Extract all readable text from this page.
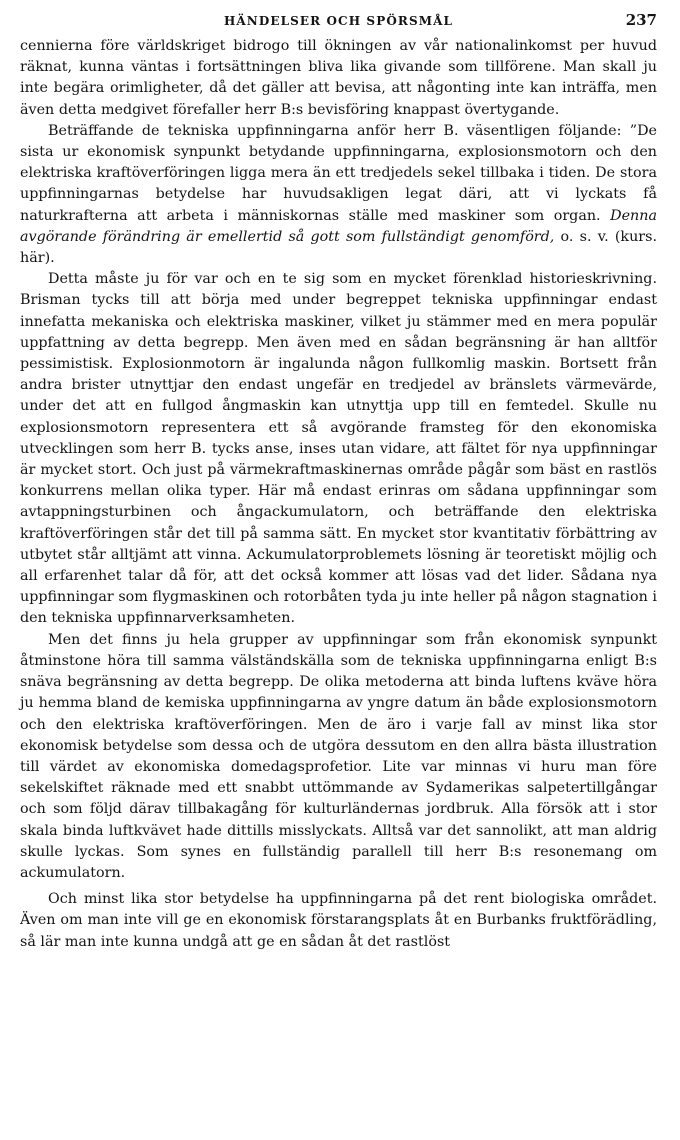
HÄNDELSER OCH SPÖRSMÅL	237

cennierna före världskriget bidrogo till ökningen av vår nationalinkomst per huvud räknat, kunna väntas i fortsättningen bliva lika givande som tillförene. Man skall ju inte begära orimligheter, då det gäller att bevisa, att någonting inte kan inträffa, men även detta medgivet förefaller herr B:s bevisföring knappast övertygande.

Beträffande de tekniska uppfinningarna anför herr B. väsentligen följande: ”De sista ur ekonomisk synpunkt betydande uppfinningarna, explosionsmotorn och den elektriska kraftöverföringen ligga mera än ett tredjedels sekel tillbaka i tiden. De stora uppfinningarnas betydelse har huvudsakligen legat däri, att vi lyckats få naturkrafterna att arbeta i människornas ställe med maskiner som organ. Denna avgörande förändring är emellertid så gott som fullständigt genomförd, o. s. v. (kurs. här).

Detta måste ju för var och en te sig som en mycket förenklad historieskrivning. Brisman tycks till att börja med under begreppet tekniska uppfinningar endast innefatta mekaniska och elektriska maskiner, vilket ju stämmer med en mera populär uppfattning av detta begrepp. Men även med en sådan begränsning är han alltför pessimistisk. Explosionmotorn är ingalunda någon fullkomlig maskin. Bortsett från andra brister utnyttjar den endast ungefär en tredjedel av bränslets värmevärde, under det att en fullgod ångmaskin kan utnyttja upp till en femtedel. Skulle nu explosionsmotorn representera ett så avgörande framsteg för den ekonomiska utvecklingen som herr B. tycks anse, inses utan vidare, att fältet för nya uppfinningar är mycket stort. Och just på värmekraftmaskinernas område pågår som bäst en rastlös konkurrens mellan olika typer. Här må endast erinras om sådana uppfinningar som avtappningsturbinen och ångackumulatorn, och beträffande den elektriska kraftöverföringen står det till på samma sätt. En mycket stor kvantitativ förbättring av utbytet står alltjämt att vinna. Ackumulatorproblemets lösning är teoretiskt möjlig och all erfarenhet talar då för, att det också kommer att lösas vad det lider. Sådana nya uppfinningar som flygmaskinen och rotorbåten tyda ju inte heller på någon stagnation i den tekniska uppfinnarverksamheten.

Men det finns ju hela grupper av uppfinningar som från ekonomisk synpunkt åtminstone höra till samma välständskälla som de tekniska uppfinningarna enligt B:s snäva begränsning av detta begrepp. De olika metoderna att binda luftens kväve höra ju hemma bland de kemiska uppfinningarna av yngre datum än både explosionsmotorn och den elektriska kraftöverföringen. Men de äro i varje fall av minst lika stor ekonomisk betydelse som dessa och de utgöra dessutom en den allra bästa illustration till värdet av ekonomiska domedagsprofetior. Lite var minnas vi huru man före sekelskiftet räknade med ett snabbt uttömmande av Sydamerikas salpetertillgångar och som följd därav tillbakagång för kulturländernas jordbruk. Alla försök att i stor skala binda luftkvävet hade dittills misslyckats. Alltså var det sannolikt, att man aldrig skulle lyckas. Som synes en fullständig parallell till herr B:s resonemang om ackumulatorn.

Och minst lika stor betydelse ha uppfinningarna på det rent biologiska området. Även om man inte vill ge en ekonomisk förstarangsplats åt en Burbanks fruktförädling, så lär man inte kunna undgå att ge en sådan åt det rastlöst
